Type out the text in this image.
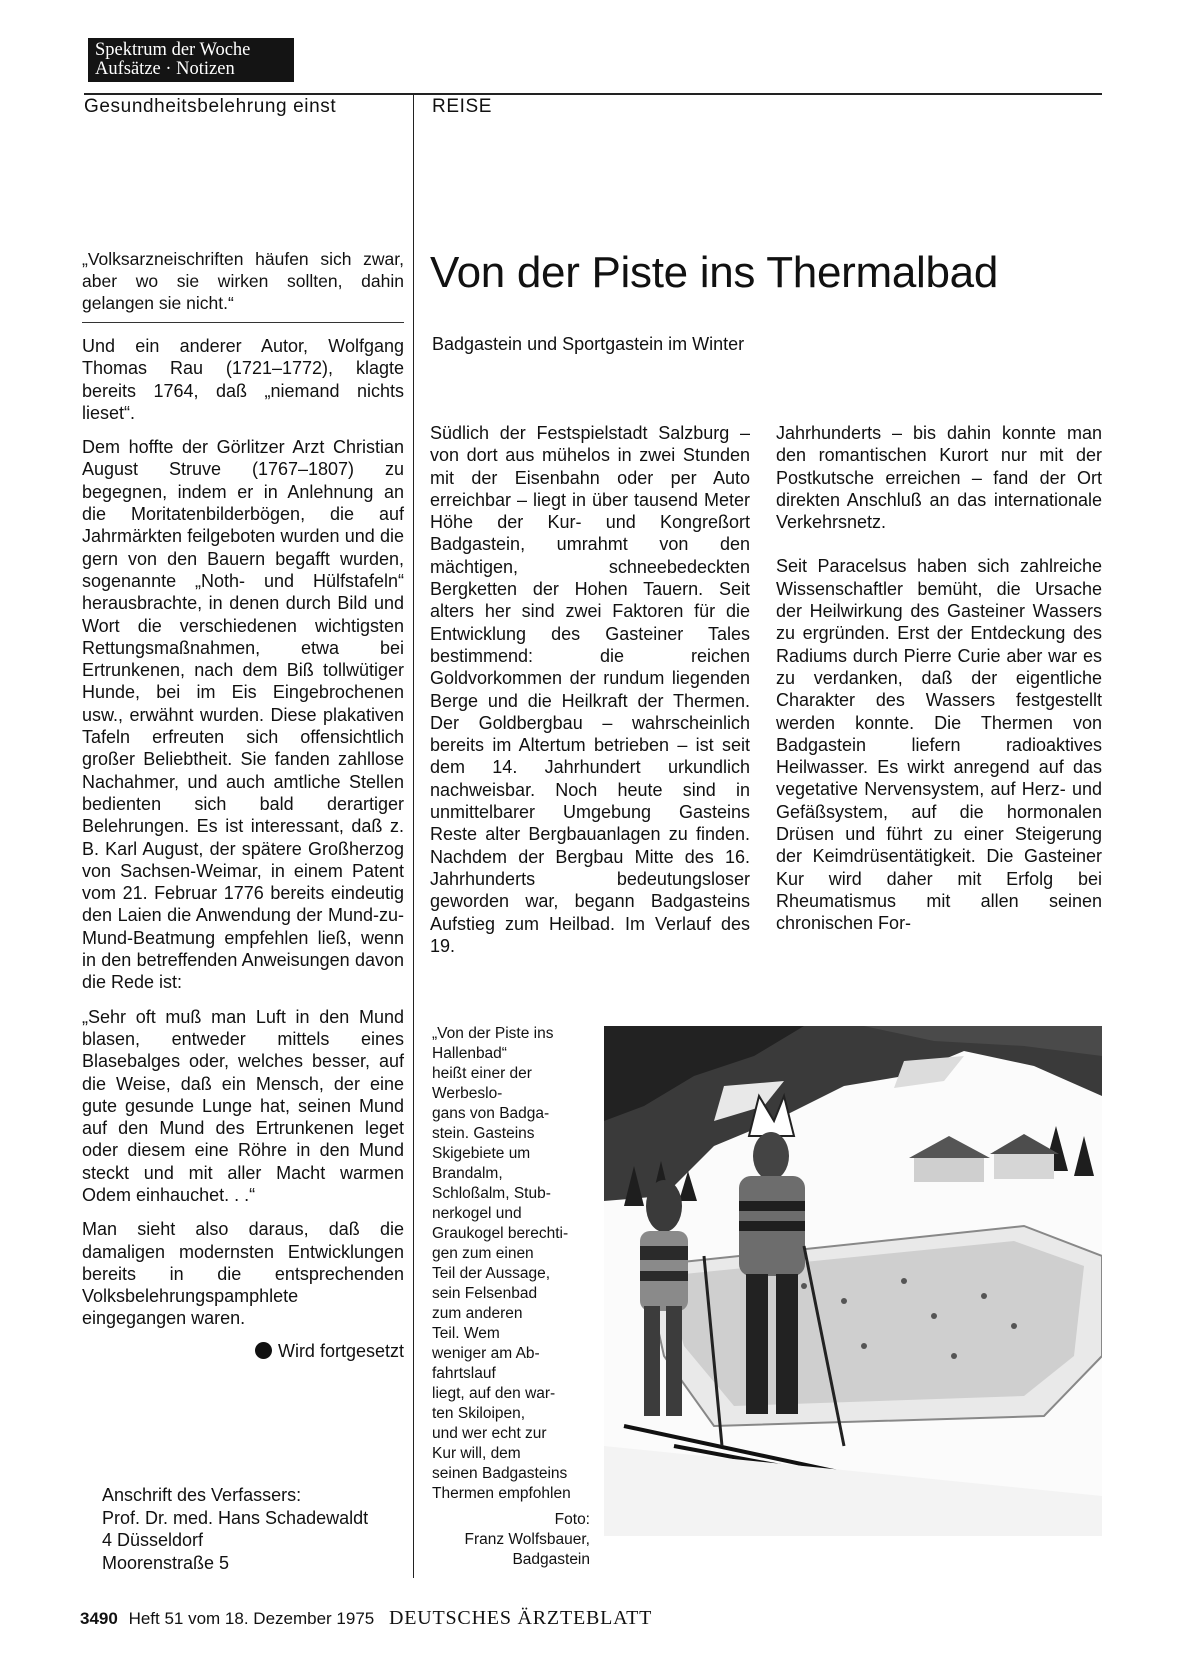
Spektrum der Woche
Aufsätze · Notizen
Gesundheitsbelehrung einst	REISE

„Volksarzneischriften häufen sich zwar, aber wo sie wirken sollten, dahin gelangen sie nicht.“

Und ein anderer Autor, Wolfgang Thomas Rau (1721–1772), klagte bereits 1764, daß „niemand nichts lieset“.

Dem hoffte der Görlitzer Arzt Christian August Struve (1767–1807) zu begegnen, indem er in Anlehnung an die Moritatenbilderbögen, die auf Jahrmärkten feilgeboten wurden und die gern von den Bauern begafft wurden, sogenannte „Noth- und Hülfstafeln“ herausbrachte, in denen durch Bild und Wort die verschiedenen wichtigsten Rettungsmaßnahmen, etwa bei Ertrunkenen, nach dem Biß tollwütiger Hunde, bei im Eis Eingebrochenen usw., erwähnt wurden. Diese plakativen Tafeln erfreuten sich offensichtlich großer Beliebtheit. Sie fanden zahllose Nachahmer, und auch amtliche Stellen bedienten sich bald derartiger Belehrungen. Es ist interessant, daß z. B. Karl August, der spätere Großherzog von Sachsen-Weimar, in einem Patent vom 21. Februar 1776 bereits eindeutig den Laien die Anwendung der Mund-zu-Mund-Beatmung empfehlen ließ, wenn in den betreffenden Anweisungen davon die Rede ist:

„Sehr oft muß man Luft in den Mund blasen, entweder mittels eines Blasebalges oder, welches besser, auf die Weise, daß ein Mensch, der eine gute gesunde Lunge hat, seinen Mund auf den Mund des Ertrunkenen leget oder diesem eine Röhre in den Mund steckt und mit aller Macht warmen Odem einhauchet. . .“

Man sieht also daraus, daß die damaligen modernsten Entwicklungen bereits in die entsprechenden Volksbelehrungspamphlete eingegangen waren.

Wird fortgesetzt

Anschrift des Verfassers:
Prof. Dr. med. Hans Schadewaldt
4 Düsseldorf
Moorenstraße 5
Von der Piste ins Thermalbad
Badgastein und Sportgastein im Winter

Südlich der Festspielstadt Salzburg – von dort aus mühelos in zwei Stunden mit der Eisenbahn oder per Auto erreichbar – liegt in über tausend Meter Höhe der Kur- und Kongreßort Badgastein, umrahmt von den mächtigen, schneebedeckten Bergketten der Hohen Tauern. Seit alters her sind zwei Faktoren für die Entwicklung des Gasteiner Tales bestimmend: die reichen Goldvorkommen der rundum liegenden Berge und die Heilkraft der Thermen. Der Goldbergbau – wahrscheinlich bereits im Altertum betrieben – ist seit dem 14. Jahrhundert urkundlich nachweisbar. Noch heute sind in unmittelbarer Umgebung Gasteins Reste alter Bergbauanlagen zu finden. Nachdem der Bergbau Mitte des 16. Jahrhunderts bedeutungsloser geworden war, begann Badgasteins Aufstieg zum Heilbad. Im Verlauf des 19.

Jahrhunderts – bis dahin konnte man den romantischen Kurort nur mit der Postkutsche erreichen – fand der Ort direkten Anschluß an das internationale Verkehrsnetz.

Seit Paracelsus haben sich zahlreiche Wissenschaftler bemüht, die Ursache der Heilwirkung des Gasteiner Wassers zu ergründen. Erst der Entdeckung des Radiums durch Pierre Curie aber war es zu verdanken, daß der eigentliche Charakter des Wassers festgestellt werden konnte. Die Thermen von Badgastein liefern radioaktives Heilwasser. Es wirkt anregend auf das vegetative Nervensystem, auf Herz- und Gefäßsystem, auf die hormonalen Drüsen und führt zu einer Steigerung der Keimdrüsentätigkeit. Die Gasteiner Kur wird daher mit Erfolg bei Rheumatismus mit allen seinen chronischen For-

„Von der Piste ins
Hallenbad“
heißt einer der
Werbeslo-
gans von Badga-
stein. Gasteins
Skigebiete um
Brandalm,
Schloßalm, Stub-
nerkogel und
Graukogel berechti-
gen zum einen
Teil der Aussage,
sein Felsenbad
zum anderen
Teil. Wem
weniger am Ab-
fahrtslauf
liegt, auf den war-
ten Skiloipen,
und wer echt zur
Kur will, dem
seinen Badgasteins
Thermen empfohlen
Foto:
Franz Wolfsbauer,
Badgastein
3490 Heft 51 vom 18. Dezember 1975 DEUTSCHES ÄRZTEBLATT
